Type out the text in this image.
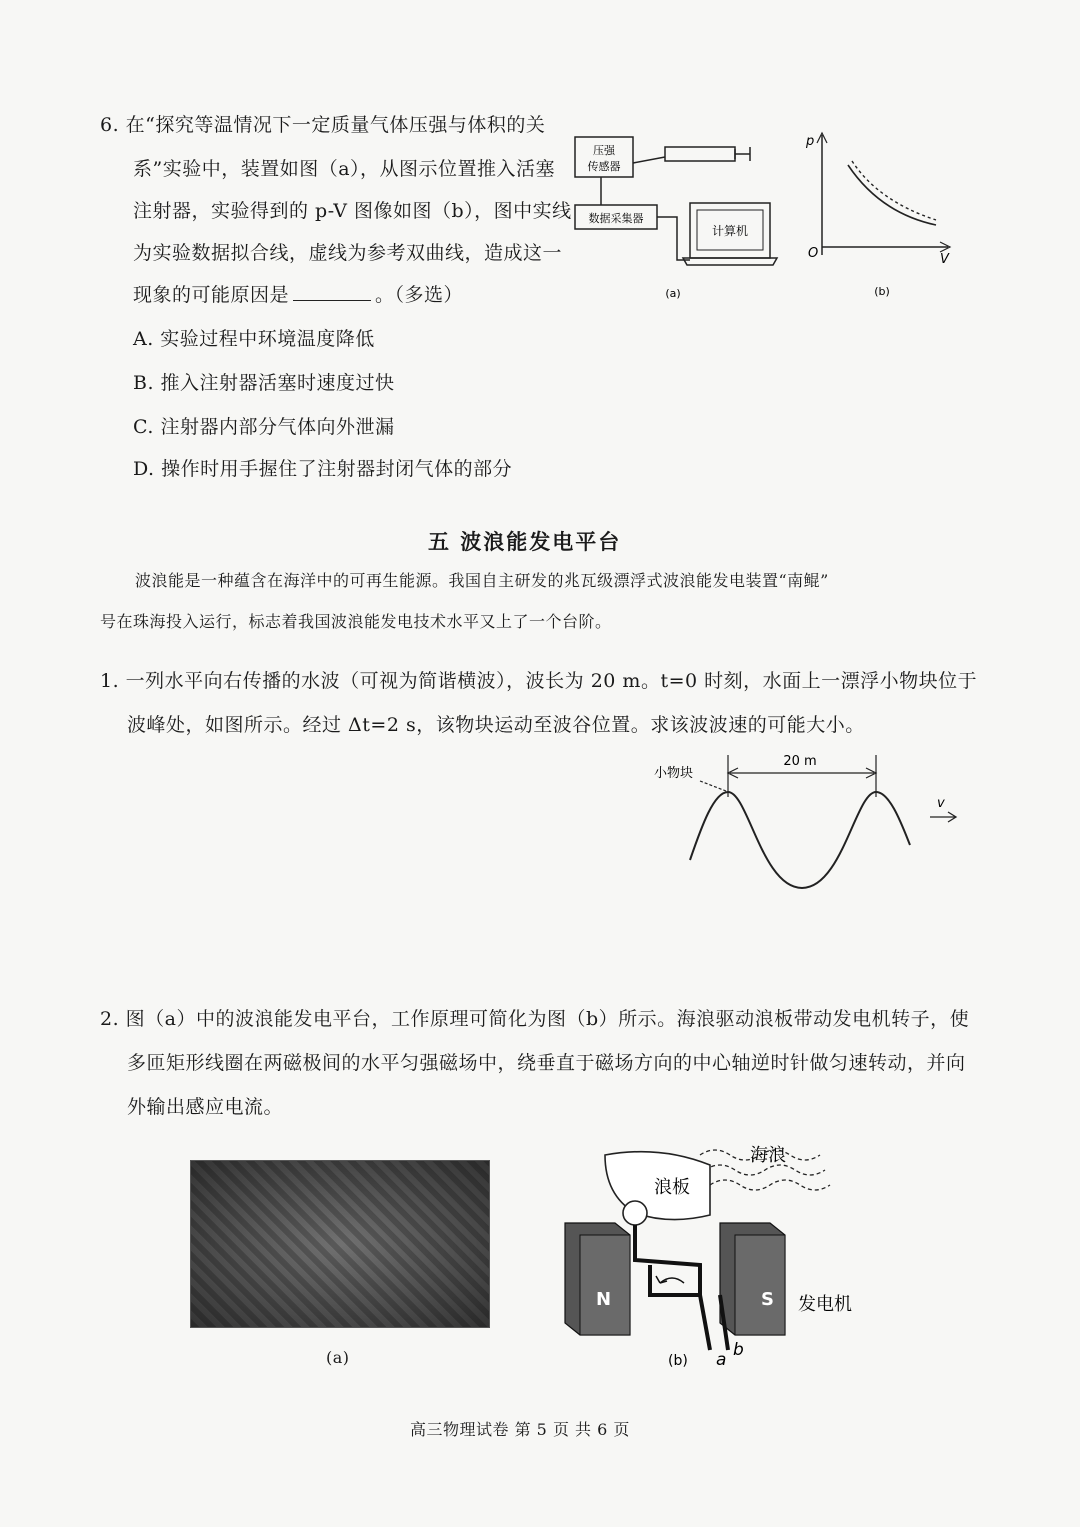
6. 在“探究等温情况下一定质量气体压强与体积的关
系”实验中，装置如图（a），从图示位置推入活塞
注射器，实验得到的 p-V 图像如图（b），图中实线
为实验数据拟合线，虚线为参考双曲线，造成这一
现象的可能原因是	。（多选）
A. 实验过程中环境温度降低
B. 推入注射器活塞时速度过快
C. 注射器内部分气体向外泄漏
D. 操作时用手握住了注射器封闭气体的部分
压强
传感器
数据采集器
计算机
(a)
p
V
O
(b)
五 波浪能发电平台
波浪能是一种蕴含在海洋中的可再生能源。我国自主研发的兆瓦级漂浮式波浪能发电装置“南鲲”
号在珠海投入运行，标志着我国波浪能发电技术水平又上了一个台阶。
1. 一列水平向右传播的水波（可视为简谐横波），波长为 20 m。t=0 时刻，水面上一漂浮小物块位于
波峰处，如图所示。经过 Δt=2 s，该物块运动至波谷位置。求该波波速的可能大小。
20 m
小物块
v
2. 图（a）中的波浪能发电平台，工作原理可简化为图（b）所示。海浪驱动浪板带动发电机转子，使
多匝矩形线圈在两磁极间的水平匀强磁场中，绕垂直于磁场方向的中心轴逆时针做匀速转动，并向
外输出感应电流。
(a)
海浪
浪板
N	S 发电机
a b
(b)
高三物理试卷 第 5 页 共 6 页
